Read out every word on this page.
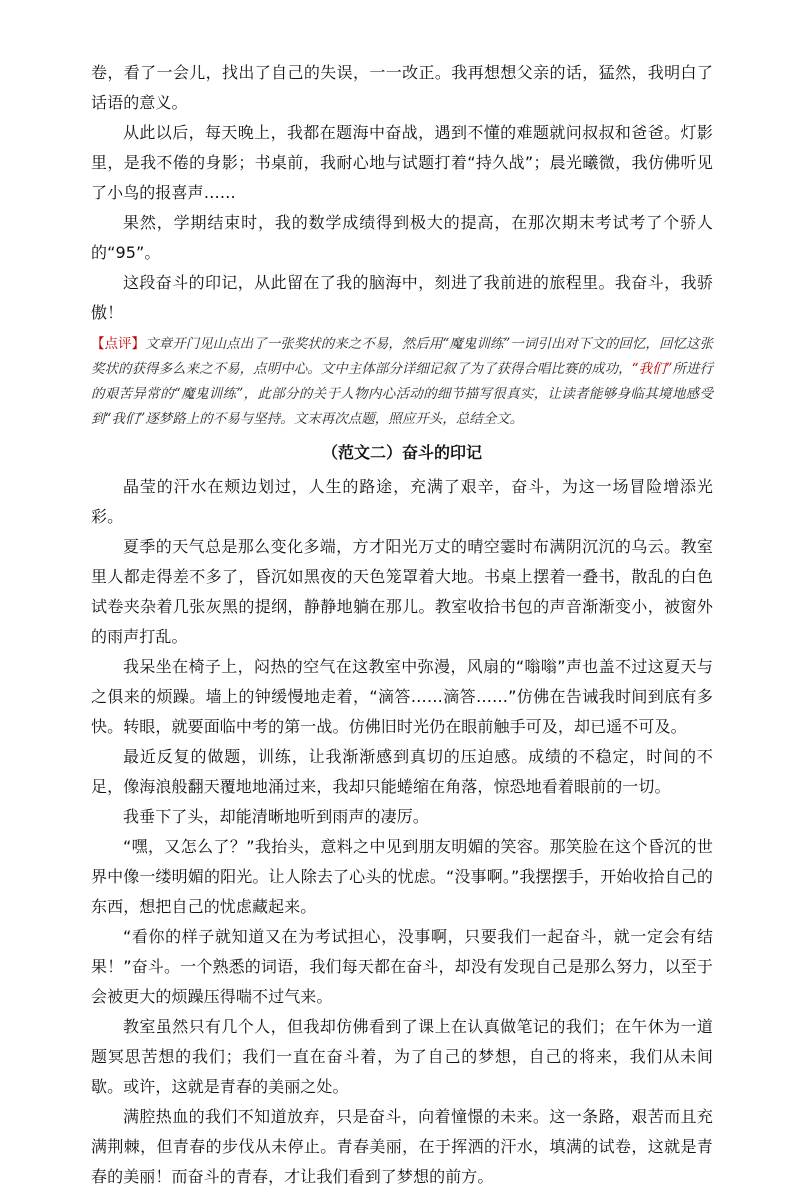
卷，看了一会儿，找出了自己的失误，一一改正。我再想想父亲的话，猛然，我明白了话语的意义。

从此以后，每天晚上，我都在题海中奋战，遇到不懂的难题就问叔叔和爸爸。灯影里，是我不倦的身影；书桌前，我耐心地与试题打着“持久战”；晨光曦微，我仿佛听见了小鸟的报喜声……

果然，学期结束时，我的数学成绩得到极大的提高，在那次期末考试考了个骄人的“95”。

这段奋斗的印记，从此留在了我的脑海中，刻进了我前进的旅程里。我奋斗，我骄傲！

【点评】文章开门见山点出了一张奖状的来之不易，然后用“魔鬼训练”一词引出对下文的回忆，回忆这张奖状的获得多么来之不易，点明中心。文中主体部分详细记叙了为了获得合唱比赛的成功，“我们”所进行的艰苦异常的“魔鬼训练”，此部分的关于人物内心活动的细节描写很真实，让读者能够身临其境地感受到“我们”逐梦路上的不易与坚持。文末再次点题，照应开头，总结全文。

（范文二）奋斗的印记

晶莹的汗水在颊边划过，人生的路途，充满了艰辛，奋斗，为这一场冒险增添光彩。

夏季的天气总是那么变化多端，方才阳光万丈的晴空霎时布满阴沉沉的乌云。教室里人都走得差不多了，昏沉如黑夜的天色笼罩着大地。书桌上摆着一叠书，散乱的白色试卷夹杂着几张灰黑的提纲，静静地躺在那儿。教室收拾书包的声音渐渐变小，被窗外的雨声打乱。

我呆坐在椅子上，闷热的空气在这教室中弥漫，风扇的“嗡嗡”声也盖不过这夏天与之俱来的烦躁。墙上的钟缓慢地走着，“滴答……滴答……”仿佛在告诫我时间到底有多快。转眼，就要面临中考的第一战。仿佛旧时光仍在眼前触手可及，却已遥不可及。

最近反复的做题，训练，让我渐渐感到真切的压迫感。成绩的不稳定，时间的不足，像海浪般翻天覆地地涌过来，我却只能蜷缩在角落，惊恐地看着眼前的一切。

我垂下了头，却能清晰地听到雨声的凄厉。

“嘿，又怎么了？”我抬头，意料之中见到朋友明媚的笑容。那笑脸在这个昏沉的世界中像一缕明媚的阳光。让人除去了心头的忧虑。“没事啊。”我摆摆手，开始收拾自己的东西，想把自己的忧虑藏起来。

“看你的样子就知道又在为考试担心，没事啊，只要我们一起奋斗，就一定会有结果！”奋斗。一个熟悉的词语，我们每天都在奋斗，却没有发现自己是那么努力，以至于会被更大的烦躁压得喘不过气来。

教室虽然只有几个人，但我却仿佛看到了课上在认真做笔记的我们；在午休为一道题冥思苦想的我们；我们一直在奋斗着，为了自己的梦想，自己的将来，我们从未间歇。或许，这就是青春的美丽之处。

满腔热血的我们不知道放弃，只是奋斗，向着憧憬的未来。这一条路，艰苦而且充满荆棘，但青春的步伐从未停止。青春美丽，在于挥洒的汗水，填满的试卷，这就是青春的美丽！而奋斗的青春，才让我们看到了梦想的前方。
